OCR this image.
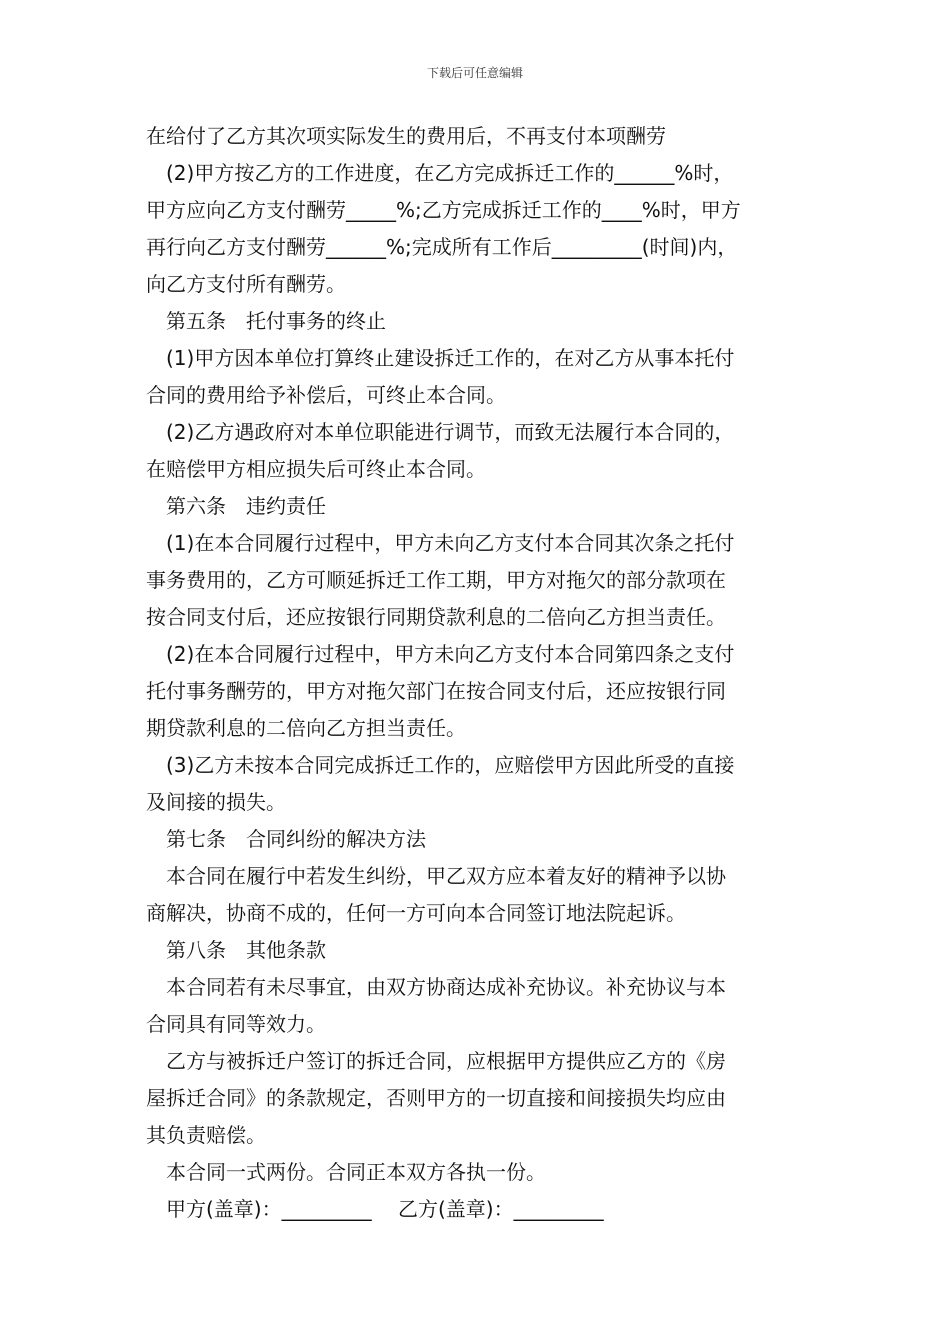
下载后可任意编辑
在给付了乙方其次项实际发生的费用后，不再支付本项酬劳
(2)甲方按乙方的工作进度，在乙方完成拆迁工作的______%时，
甲方应向乙方支付酬劳_____%;乙方完成拆迁工作的____%时，甲方
再行向乙方支付酬劳______%;完成所有工作后_________(时间)内，
向乙方支付所有酬劳。
第五条　托付事务的终止
(1)甲方因本单位打算终止建设拆迁工作的，在对乙方从事本托付
合同的费用给予补偿后，可终止本合同。
(2)乙方遇政府对本单位职能进行调节，而致无法履行本合同的，
在赔偿甲方相应损失后可终止本合同。
第六条　违约责任
(1)在本合同履行过程中，甲方未向乙方支付本合同其次条之托付
事务费用的，乙方可顺延拆迁工作工期，甲方对拖欠的部分款项在
按合同支付后，还应按银行同期贷款利息的二倍向乙方担当责任。
(2)在本合同履行过程中，甲方未向乙方支付本合同第四条之支付
托付事务酬劳的，甲方对拖欠部门在按合同支付后，还应按银行同
期贷款利息的二倍向乙方担当责任。
(3)乙方未按本合同完成拆迁工作的，应赔偿甲方因此所受的直接
及间接的损失。
第七条　合同纠纷的解决方法
本合同在履行中若发生纠纷，甲乙双方应本着友好的精神予以协
商解决，协商不成的，任何一方可向本合同签订地法院起诉。
第八条　其他条款
本合同若有未尽事宜，由双方协商达成补充协议。补充协议与本
合同具有同等效力。
乙方与被拆迁户签订的拆迁合同，应根据甲方提供应乙方的《房
屋拆迁合同》的条款规定，否则甲方的一切直接和间接损失均应由
其负责赔偿。
本合同一式两份。合同正本双方各执一份。
甲方(盖章)：_________　 乙方(盖章)：_________
